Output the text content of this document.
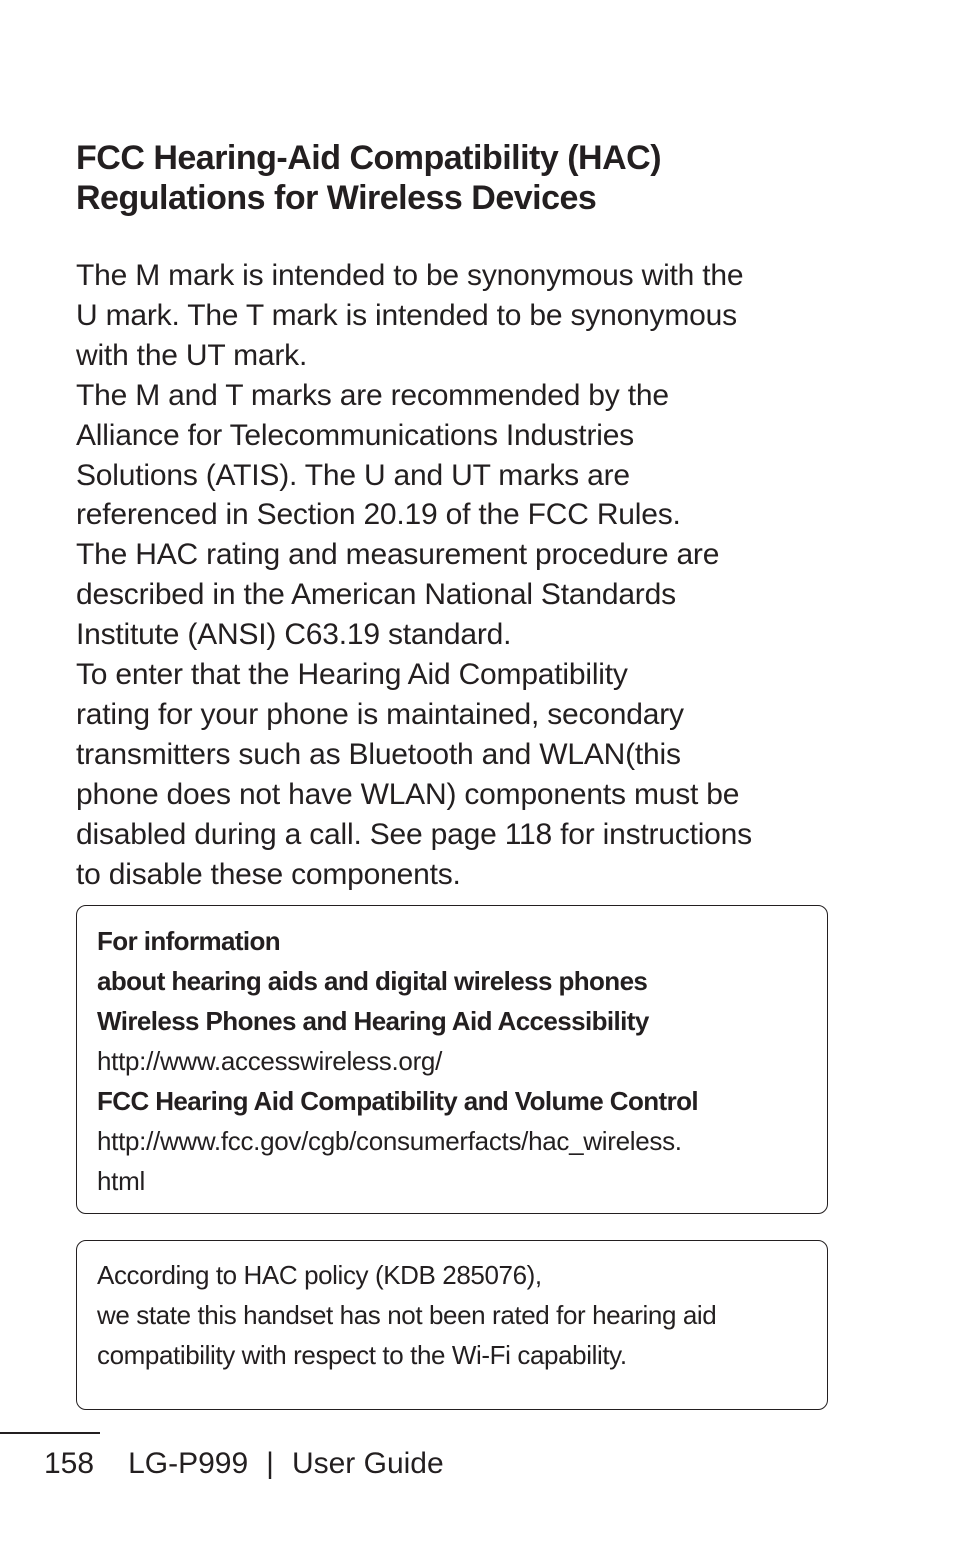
FCC Hearing-Aid Compatibility (HAC)
Regulations for Wireless Devices
The M mark is intended to be synonymous with the
U mark. The T mark is intended to be synonymous
with the UT mark.
The M and T marks are recommended by the
Alliance for Telecommunications Industries
Solutions (ATIS). The U and UT marks are
referenced in Section 20.19 of the FCC Rules.
The HAC rating and measurement procedure are
described in the American National Standards
Institute (ANSI) C63.19 standard.
To enter that the Hearing Aid Compatibility
rating for your phone is maintained, secondary
transmitters such as Bluetooth and WLAN(this
phone does not have WLAN) components must be
disabled during a call. See page 118 for instructions
to disable these components.
For information
about hearing aids and digital wireless phones
Wireless Phones and Hearing Aid Accessibility
http://www.accesswireless.org/
FCC Hearing Aid Compatibility and Volume Control
http://www.fcc.gov/cgb/consumerfacts/hac_wireless.
html
According to HAC policy (KDB 285076),
we state this handset has not been rated for hearing aid
compatibility with respect to the Wi-Fi capability.
158 LG-P999 | User Guide
